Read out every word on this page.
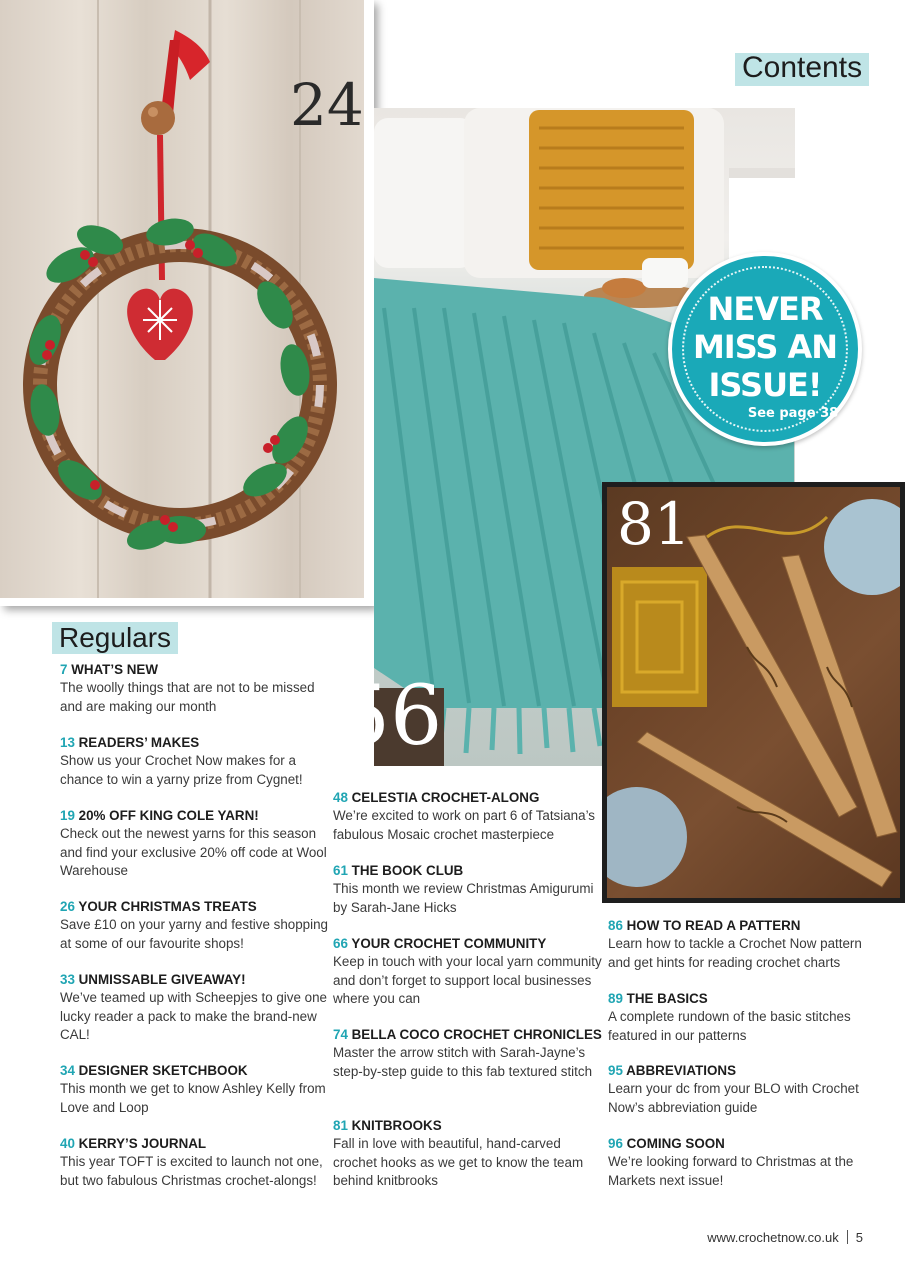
24
56
81
NEVER
MISS AN
ISSUE!
See page 38
Contents
Regulars
7 WHAT’S NEW
The woolly things that are not to be missed and are making our month
13 READERS’ MAKES
Show us your Crochet Now makes for a chance to win a yarny prize from Cygnet!
19 20% OFF KING COLE YARN!
Check out the newest yarns for this season and find your exclusive 20% off code at Wool Warehouse
26 YOUR CHRISTMAS TREATS
Save £10 on your yarny and festive shopping at some of our favourite shops!
33 UNMISSABLE GIVEAWAY!
We’ve teamed up with Scheepjes to give one lucky reader a pack to make the brand-new CAL!
34 DESIGNER SKETCHBOOK
This month we get to know Ashley Kelly from Love and Loop
40 KERRY’S JOURNAL
This year TOFT is excited to launch not one, but two fabulous Christmas crochet-alongs!
48 CELESTIA CROCHET-ALONG
We’re excited to work on part 6 of Tatsiana’s fabulous Mosaic crochet masterpiece
61 THE BOOK CLUB
This month we review Christmas Amigurumi by Sarah-Jane Hicks
66 YOUR CROCHET COMMUNITY
Keep in touch with your local yarn community and don’t forget to support local businesses where you can
74 BELLA COCO CROCHET CHRONICLES
Master the arrow stitch with Sarah-Jayne’s step-by-step guide to this fab textured stitch
81 KNITBROOKS
Fall in love with beautiful, hand-carved crochet hooks as we get to know the team behind knitbrooks
86 HOW TO READ A PATTERN
Learn how to tackle a Crochet Now pattern and get hints for reading crochet charts
89 THE BASICS
A complete rundown of the basic stitches featured in our patterns
95 ABBREVIATIONS
Learn your dc from your BLO with Crochet Now’s abbreviation guide
96 COMING SOON
We’re looking forward to Christmas at the Markets next issue!
www.crochetnow.co.uk 5
